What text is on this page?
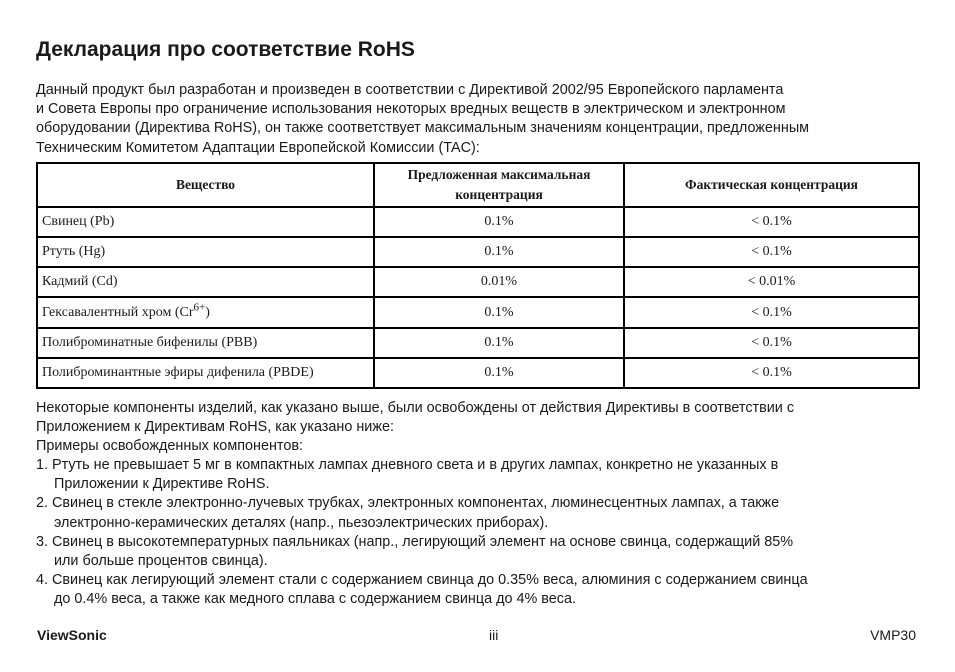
Декларация про соответствие RoHS

Данный продукт был разработан и произведен в соответствии с Директивой 2002/95 Европейского парламента
и Совета Европы про ограничение использования некоторых вредных веществ в электрическом и электронном
оборудовании (Директива RoHS), он также соответствует максимальным значениям концентрации, предложенным
Техническим Комитетом Адаптации Европейской Комиссии (TAC):

Вещество	Предложенная максимальная концентрация	Фактическая концентрация
Свинец (Pb)	0.1%	< 0.1%
Ртуть (Hg)	0.1%	< 0.1%
Кадмий (Cd)	0.01%	< 0.01%
Гексавалентный хром $(Cr^{6+})$	0.1%	< 0.1%
Полиброминатные бифенилы (PBB)	0.1%	< 0.1%
Полиброминантные эфиры дифенила (PBDE)	0.1%	< 0.1%
Некоторые компоненты изделий, как указано выше, были освобождены от действия Директивы в соответствии с
Приложением к Директивам RoHS, как указано ниже:
Примеры освобожденных компонентов:
1. Ртуть не превышает 5 мг в компактных лампах дневного света и в других лампах, конкретно не указанных в
Приложении к Директиве RoHS.
2. Свинец в стекле электронно-лучевых трубках, электронных компонентах, люминесцентных лампах, а также
электронно-керамических деталях (напр., пьезоэлектрических приборах).
3. Свинец в высокотемпературных паяльниках (напр., легирующий элемент на основе свинца, содержащий 85%
или больше процентов свинца).
4. Свинец как легирующий элемент стали с содержанием свинца до 0.35% веса, алюминия с содержанием свинца
до 0.4% веса, а также как медного сплава с содержанием свинца до 4% веса.
ViewSonic	iii	VMP30
